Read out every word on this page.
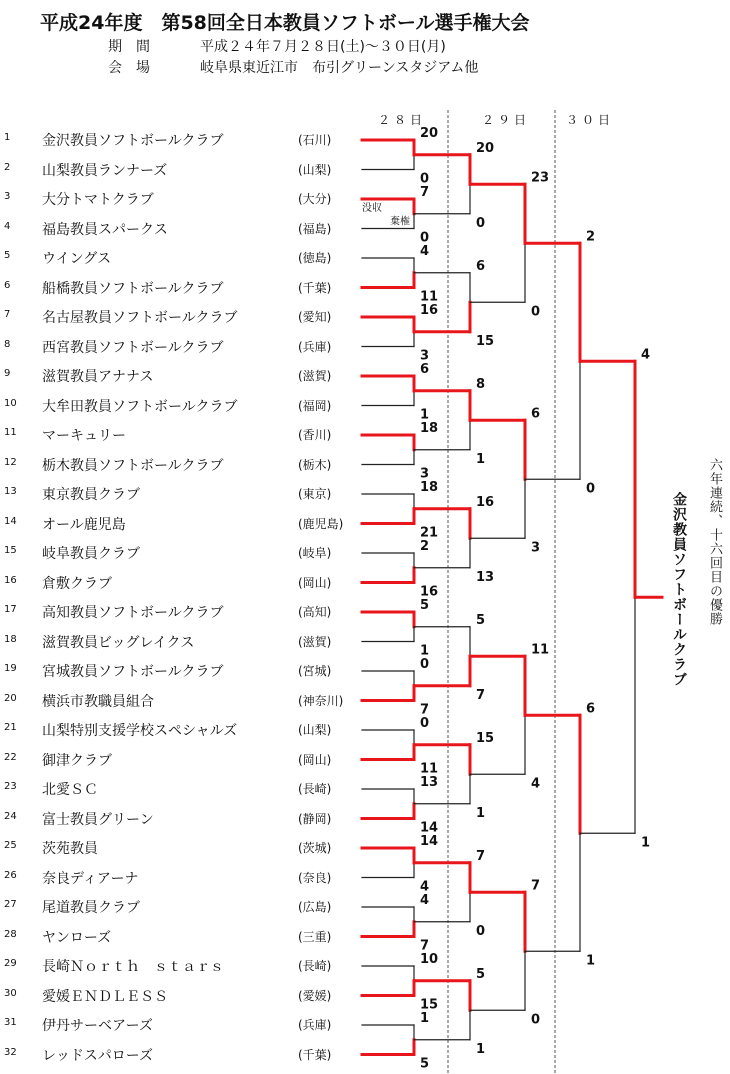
平成24年度　第58回全日本教員ソフトボール選手権大会
期　間	平成２４年７月２８日(土)～３０日(月)
会　場	岐阜県東近江市　布引グリーンスタジアム他
２８日	２９日	３０日
1	金沢教員ソフトボールクラブ	(石川)
2	山梨教員ランナーズ	(山梨)
3	大分トマトクラブ	(大分)
4	福島教員スパークス	(福島)
5	ウイングス	(徳島)
6	船橋教員ソフトボールクラブ	(千葉)
7	名古屋教員ソフトボールクラブ	(愛知)
8	西宮教員ソフトボールクラブ	(兵庫)
9	滋賀教員アナナス	(滋賀)
10	大牟田教員ソフトボールクラブ	(福岡)
11	マーキュリー	(香川)
12	栃木教員ソフトボールクラブ	(栃木)
13	東京教員クラブ	(東京)
14	オール鹿児島	(鹿児島)
15	岐阜教員クラブ	(岐阜)
16	倉敷クラブ	(岡山)
17	高知教員ソフトボールクラブ	(高知)
18	滋賀教員ビッグレイクス	(滋賀)
19	宮城教員ソフトボールクラブ	(宮城)
20	横浜市教職員組合	(神奈川)
21	山梨特別支援学校スペシャルズ	(山梨)
22	御津クラブ	(岡山)
23	北愛ＳＣ	(長崎)
24	富士教員グリーン	(静岡)
25	茨苑教員	(茨城)
26	奈良ディアーナ	(奈良)
27	尾道教員クラブ	(広島)
28	ヤンローズ	(三重)
29	長崎Ｎｏｒｔｈ　ｓｔａｒｓ	(長崎)
30	愛媛ＥＮＤＬＥＳＳ	(愛媛)
31	伊丹サーベアーズ	(兵庫)
32	レッドスパローズ	(千葉)
20
0
7
0
没収
棄権
4
11
16
3
6
1
18
3
18
21
2
16
5
1
0
7
0
11
13
14
14
4
4
7
10
15
1
5
20
0
6
15
8
1
16
13
5
7
15
1
7
0
5
1
23
0
6
3
11
4
7
0
2
0
6
1
4
1
金沢教員ソフトボールクラブ 六年連続、十六回目の優勝
